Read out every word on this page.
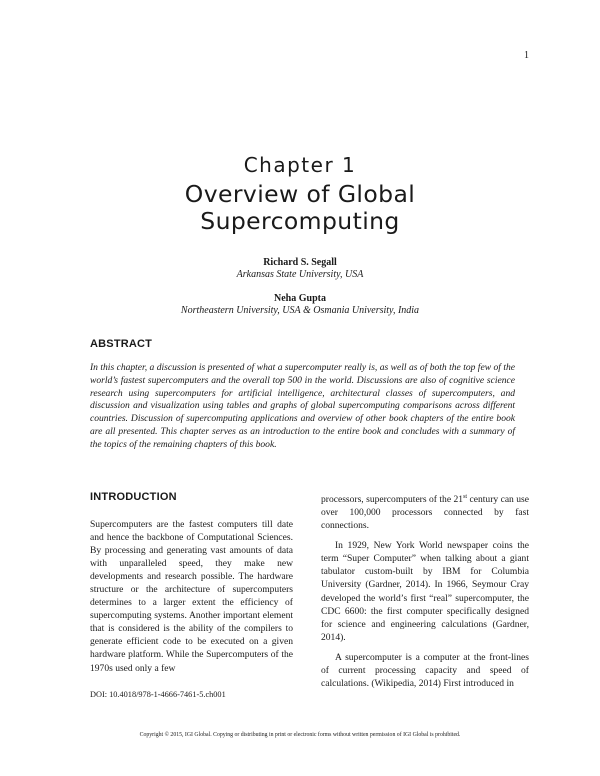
1
Chapter 1
Overview of Global
Supercomputing
Richard S. Segall
Arkansas State University, USA
Neha Gupta
Northeastern University, USA & Osmania University, India
ABSTRACT

In this chapter, a discussion is presented of what a supercomputer really is, as well as of both the top few of the world’s fastest supercomputers and the overall top 500 in the world. Discussions are also of cognitive science research using supercomputers for artificial intelligence, architectural classes of supercomputers, and discussion and visualization using tables and graphs of global supercomputing comparisons across different countries. Discussion of supercomputing applications and overview of other book chapters of the entire book are all presented. This chapter serves as an introduction to the entire book and concludes with a summary of the topics of the remaining chapters of this book.

INTRODUCTION

Supercomputers are the fastest computers till date and hence the backbone of Computational Sciences. By processing and generating vast amounts of data with unparalleled speed, they make new developments and research possible. The hardware structure or the architecture of supercomputers determines to a larger extent the efficiency of supercomputing systems. Another important element that is considered is the ability of the compilers to generate efficient code to be executed on a given hardware platform. While the Supercomputers of the 1970s used only a few

processors, supercomputers of the 21st century can use over 100,000 processors connected by fast connections.

In 1929, New York World newspaper coins the term “Super Computer” when talking about a giant tabulator custom-built by IBM for Columbia University (Gardner, 2014). In 1966, Seymour Cray developed the world’s first “real” supercomputer, the CDC 6600: the first computer specifically designed for science and engineering calculations (Gardner, 2014).

A supercomputer is a computer at the front-lines of current processing capacity and speed of calculations. (Wikipedia, 2014) First introduced in

DOI: 10.4018/978-1-4666-7461-5.ch001
Copyright © 2015, IGI Global. Copying or distributing in print or electronic forms without written permission of IGI Global is prohibited.
